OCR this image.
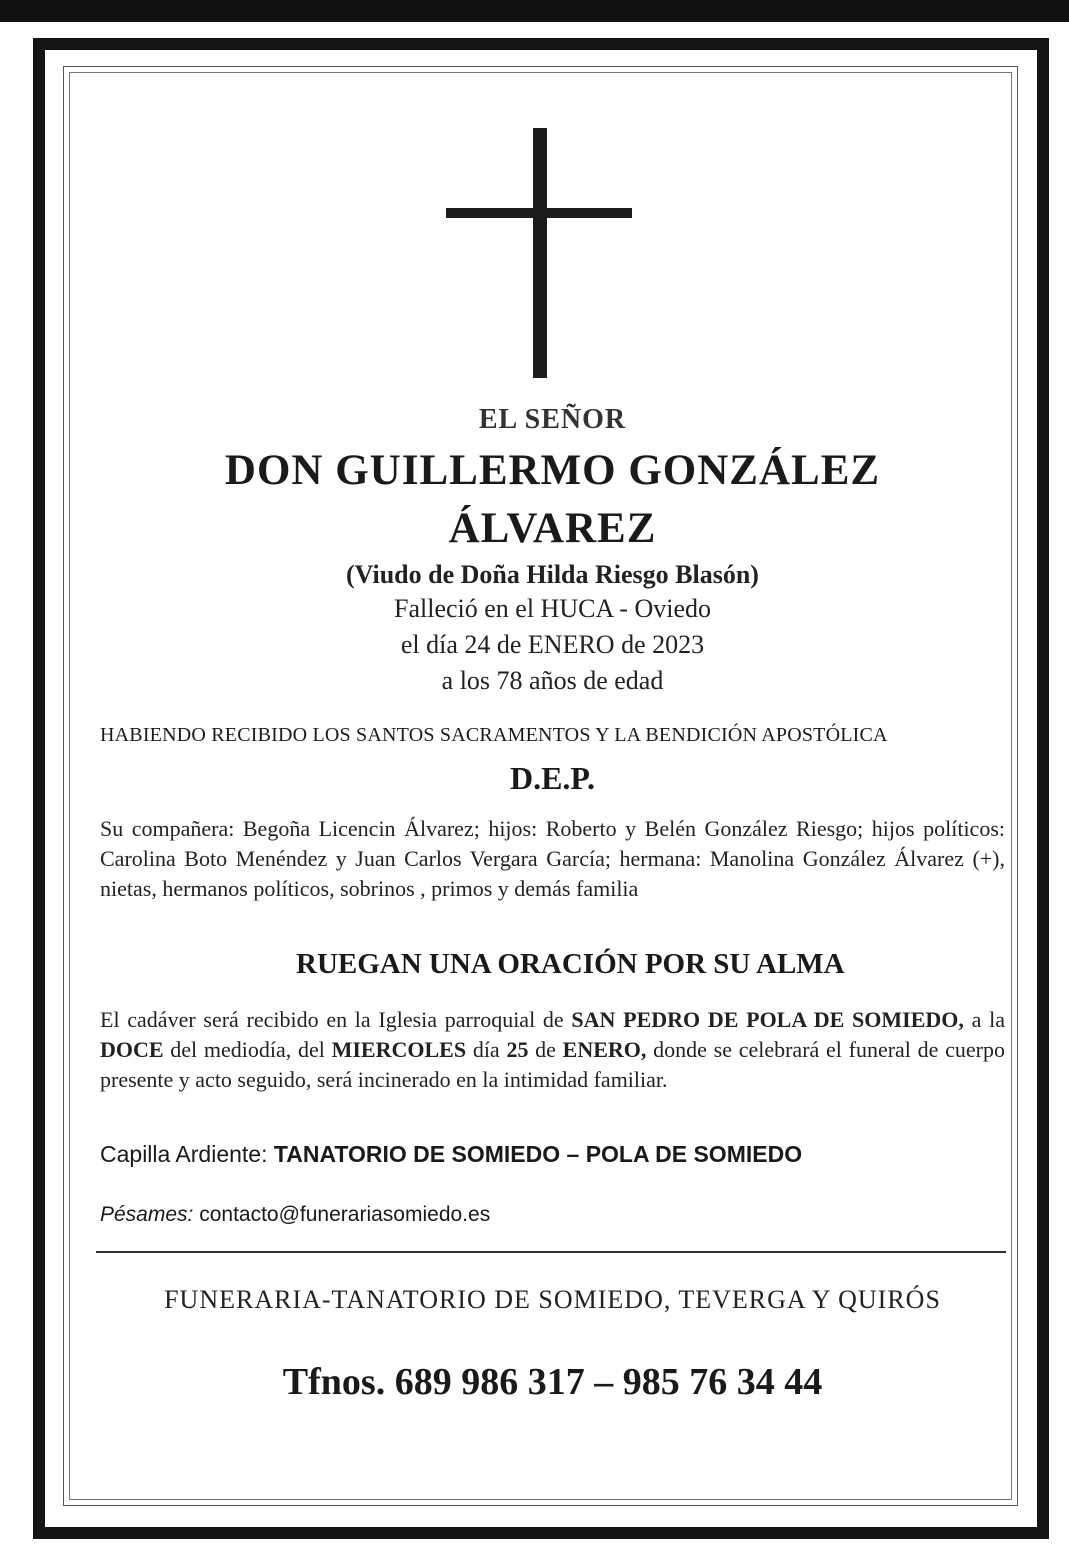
EL SEÑOR
DON GUILLERMO GONZÁLEZ
ÁLVAREZ
(Viudo de Doña Hilda Riesgo Blasón)
Falleció en el HUCA - Oviedo
el día 24 de ENERO de 2023
a los 78 años de edad
HABIENDO RECIBIDO LOS SANTOS SACRAMENTOS Y LA BENDICIÓN APOSTÓLICA
D.E.P.
Su compañera: Begoña Licencin Álvarez; hijos: Roberto y Belén González Riesgo; hijos políticos: Carolina Boto Menéndez y Juan Carlos Vergara García; hermana: Manolina González Álvarez (+), nietas, hermanos políticos, sobrinos , primos y demás familia
RUEGAN UNA ORACIÓN POR SU ALMA
El cadáver será recibido en la Iglesia parroquial de SAN PEDRO DE POLA DE SOMIEDO, a la DOCE del mediodía, del MIERCOLES día 25 de ENERO, donde se celebrará el funeral de cuerpo presente y acto seguido, será incinerado en la intimidad familiar.
Capilla Ardiente: TANATORIO DE SOMIEDO – POLA DE SOMIEDO
Pésames: contacto@funerariasomiedo.es
FUNERARIA-TANATORIO DE SOMIEDO, TEVERGA Y QUIRÓS
Tfnos. 689 986 317 – 985 76 34 44
